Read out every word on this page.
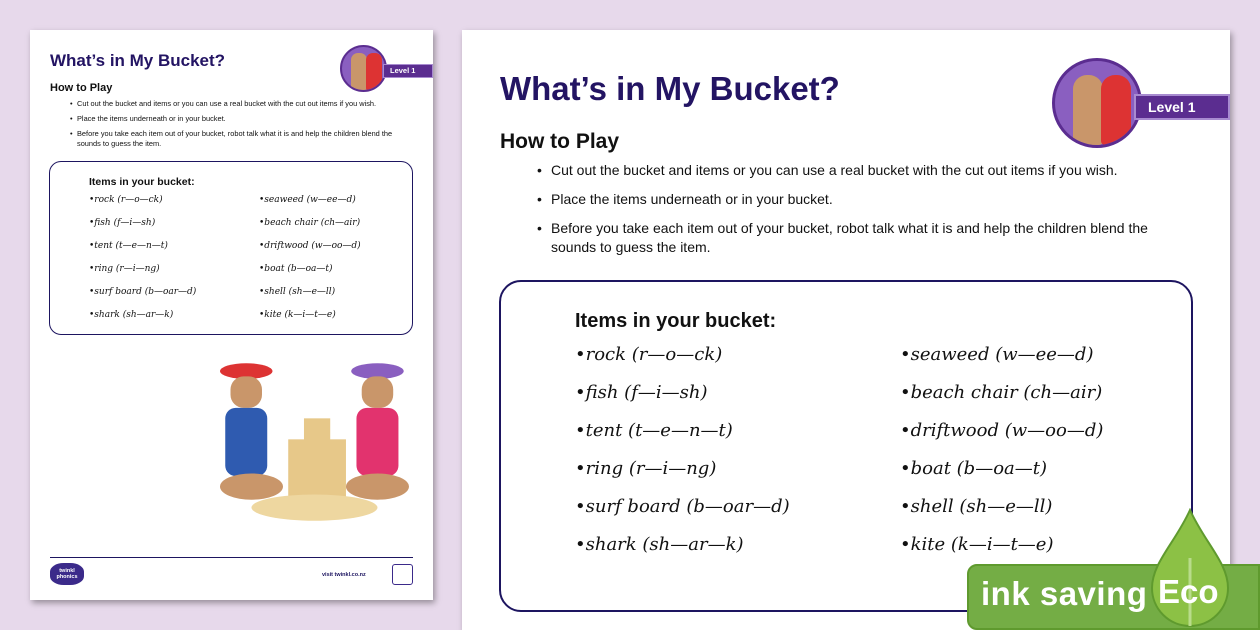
What’s in My Bucket?
Level 1
How to Play
• Cut out the bucket and items or you can use a real bucket with the cut out items if you wish.
• Place the items underneath or in your bucket.
• Before you take each item out of your bucket, robot talk what it is and help the children blend the sounds to guess the item.
Items in your bucket:
•rock (r—o—ck)
•fish (f—i—sh)
•tent (t—e—n—t)
•ring (r—i—ng)
•surf board (b—oar—d)
•shark (sh—ar—k)
•seaweed (w—ee—d)
•beach chair (ch—air)
•driftwood (w—oo—d)
•boat (b—oa—t)
•shell (sh—e—ll)
•kite (k—i—t—e)
twinkl phonics	visit twinkl.co.nz
What’s in My Bucket?	Level 1
How to Play
• Cut out the bucket and items or you can use a real bucket with the cut out items if you wish.
• Place the items underneath or in your bucket.
• Before you take each item out of your bucket, robot talk what it is and help the children blend the sounds to guess the item.
Items in your bucket:
•rock (r—o—ck)
•fish (f—i—sh)
•tent (t—e—n—t)
•ring (r—i—ng)
•surf board (b—oar—d)
•shark (sh—ar—k)
•seaweed (w—ee—d)
•beach chair (ch—air)
•driftwood (w—oo—d)
•boat (b—oa—t)
•shell (sh—e—ll)
•kite (k—i—t—e)
ink saving Eco
